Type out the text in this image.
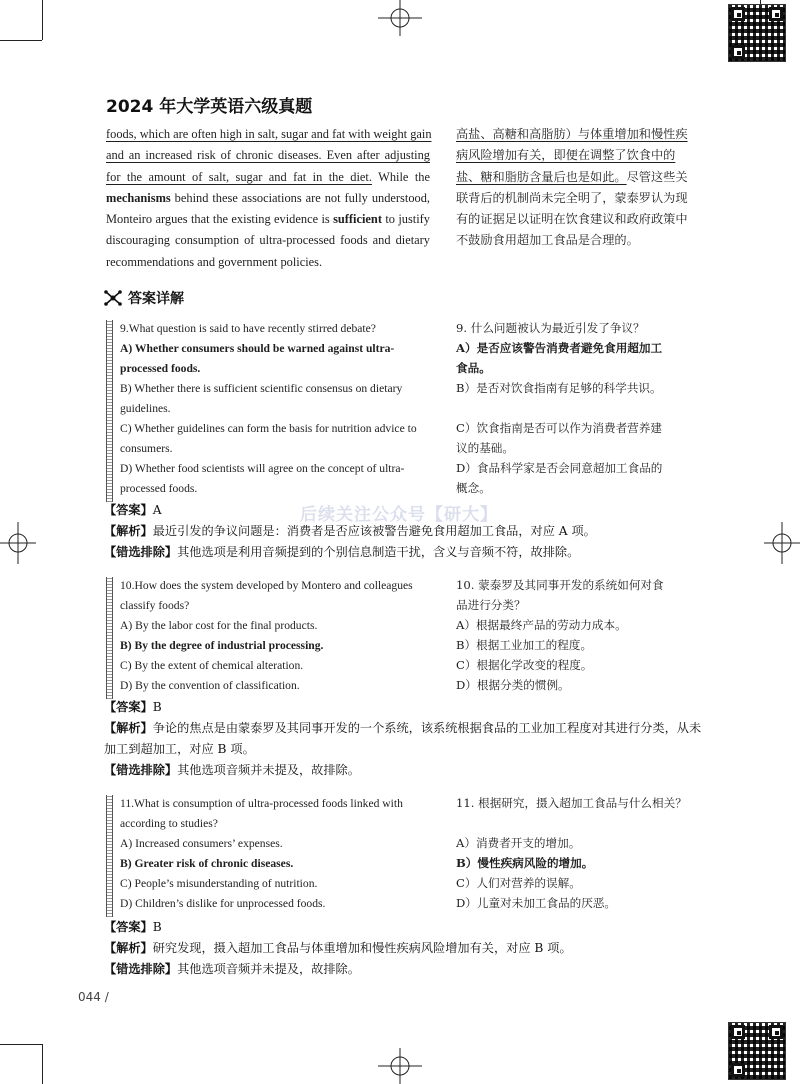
2024 年大学英语六级真题
foods, which are often high in salt, sugar and fat with weight gain
and an increased risk of chronic diseases. Even after adjusting
for the amount of salt, sugar and fat in the diet. While the
mechanisms behind these associations are not fully understood,
Monteiro argues that the existing evidence is sufficient to justify
discouraging consumption of ultra-processed foods and dietary
recommendations and government policies.
高盐、高糖和高脂肪）与体重增加和慢性疾
病风险增加有关，即便在调整了饮食中的
盐、糖和脂肪含量后也是如此。尽管这些关
联背后的机制尚未完全明了，蒙泰罗认为现
有的证据足以证明在饮食建议和政府政策中
不鼓励食用超加工食品是合理的。
答案详解
9.What question is said to have recently stirred debate?
A) Whether consumers should be warned against ultra-
processed foods.
B) Whether there is sufficient scientific consensus on dietary
guidelines.
C) Whether guidelines can form the basis for nutrition advice to
consumers.
D) Whether food scientists will agree on the concept of ultra-
processed foods.
9. 什么问题被认为最近引发了争议？
A）是否应该警告消费者避免食用超加工
食品。
B）是否对饮食指南有足够的科学共识。
C）饮食指南是否可以作为消费者营养建
议的基础。
D）食品科学家是否会同意超加工食品的
概念。
【答案】A
【解析】最近引发的争议问题是：消费者是否应该被警告避免食用超加工食品，对应 A 项。
【错选排除】其他选项是利用音频提到的个别信息制造干扰，含义与音频不符，故排除。
10.How does the system developed by Montero and colleagues
classify foods?
A) By the labor cost for the final products.
B) By the degree of industrial processing.
C) By the extent of chemical alteration.
D) By the convention of classification.
10. 蒙泰罗及其同事开发的系统如何对食
品进行分类？
A）根据最终产品的劳动力成本。
B）根据工业加工的程度。
C）根据化学改变的程度。
D）根据分类的惯例。
【答案】B
【解析】争论的焦点是由蒙泰罗及其同事开发的一个系统，该系统根据食品的工业加工程度对其进行分类，从未加工到超加工，对应 B 项。
【错选排除】其他选项音频并未提及，故排除。
11.What is consumption of ultra-processed foods linked with
according to studies?
A) Increased consumers’ expenses.
B) Greater risk of chronic diseases.
C) People’s misunderstanding of nutrition.
D) Children’s dislike for unprocessed foods.
11. 根据研究，摄入超加工食品与什么相关？
A）消费者开支的增加。
B）慢性疾病风险的增加。
C）人们对营养的误解。
D）儿童对未加工食品的厌恶。
【答案】B
【解析】研究发现，摄入超加工食品与体重增加和慢性疾病风险增加有关，对应 B 项。
【错选排除】其他选项音频并未提及，故排除。
后续关注公众号【研大】
044 /
